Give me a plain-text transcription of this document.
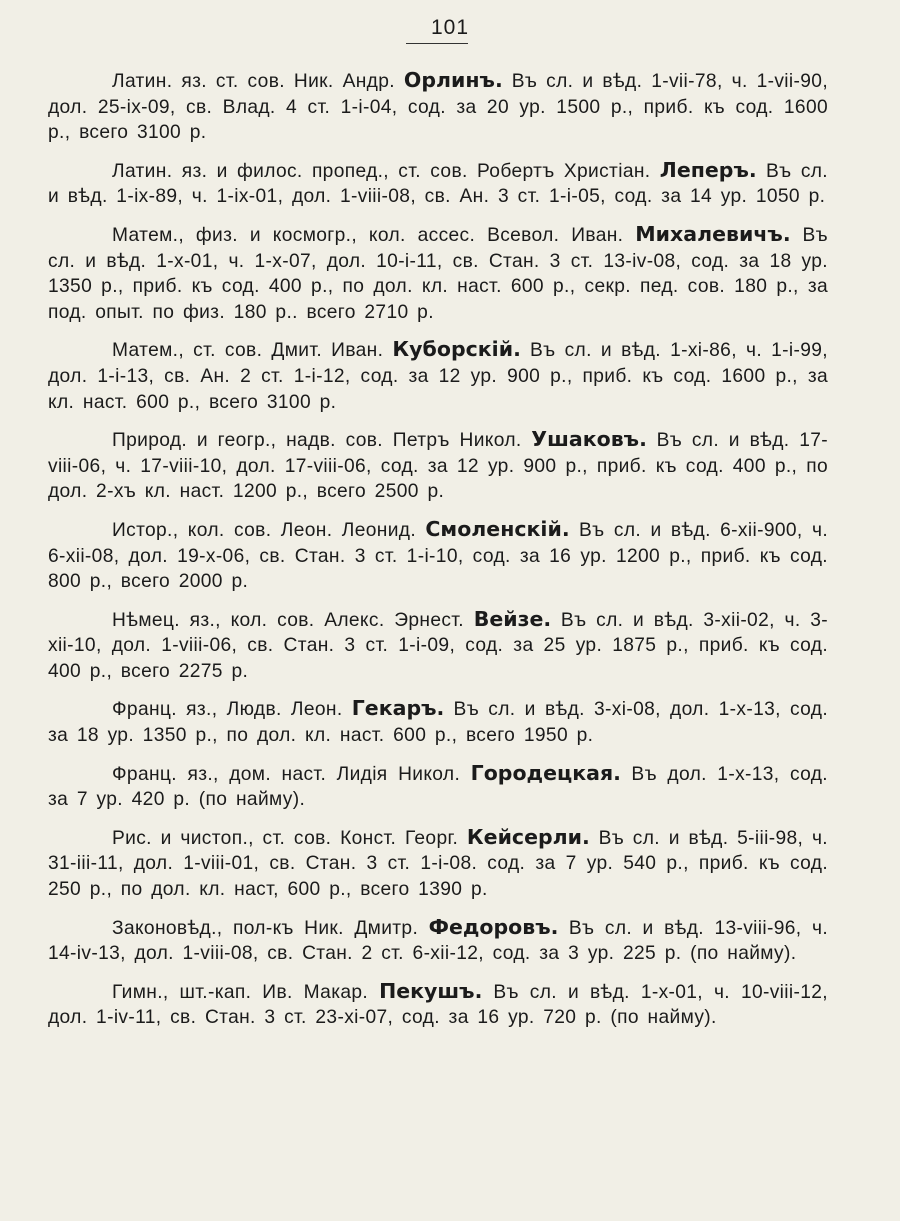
101

Латин. яз. ст. сов. Ник. Андр. Орлинъ. Въ сл. и вѣд. 1-vii-78, ч. 1-vii-90, дол. 25-ix-09, св. Влад. 4 ст. 1-i-04, сод. за 20 ур. 1500 р., приб. къ сод. 1600 р., всего 3100 р.

Латин. яз. и филос. пропед., ст. сов. Робертъ Христіан. Леперъ. Въ сл. и вѣд. 1-ix-89, ч. 1-ix-01, дол. 1-viii-08, св. Ан. 3 ст. 1-i-05, сод. за 14 ур. 1050 р.

Матем., физ. и космогр., кол. ассес. Всевол. Иван. Михалевичъ. Въ сл. и вѣд. 1-x-01, ч. 1-x-07, дол. 10-i-11, св. Стан. 3 ст. 13-iv-08, сод. за 18 ур. 1350 р., приб. къ сод. 400 р., по дол. кл. наст. 600 р., секр. пед. сов. 180 р., за под. опыт. по физ. 180 р.. всего 2710 р.

Матем., ст. сов. Дмит. Иван. Куборскій. Въ сл. и вѣд. 1-xi-86, ч. 1-i-99, дол. 1-i-13, св. Ан. 2 ст. 1-i-12, сод. за 12 ур. 900 р., приб. къ сод. 1600 р., за кл. наст. 600 р., всего 3100 р.

Природ. и геогр., надв. сов. Петръ Никол. Ушаковъ. Въ сл. и вѣд. 17-viii-06, ч. 17-viii-10, дол. 17-viii-06, сод. за 12 ур. 900 р., приб. къ сод. 400 р., по дол. 2-хъ кл. наст. 1200 р., всего 2500 р.

Истор., кол. сов. Леон. Леонид. Смоленскій. Въ сл. и вѣд. 6-xii-900, ч. 6-xii-08, дол. 19-x-06, св. Стан. 3 ст. 1-i-10, сод. за 16 ур. 1200 р., приб. къ сод. 800 р., всего 2000 р.

Нѣмец. яз., кол. сов. Алекс. Эрнест. Вейзе. Въ сл. и вѣд. 3-xii-02, ч. 3-xii-10, дол. 1-viii-06, св. Стан. 3 ст. 1-i-09, сод. за 25 ур. 1875 р., приб. къ сод. 400 р., всего 2275 р.

Франц. яз., Людв. Леон. Гекаръ. Въ сл. и вѣд. 3-xi-08, дол. 1-x-13, сод. за 18 ур. 1350 р., по дол. кл. наст. 600 р., всего 1950 р.

Франц. яз., дом. наст. Лидія Никол. Городецкая. Въ дол. 1-x-13, сод. за 7 ур. 420 р. (по найму).

Рис. и чистоп., ст. сов. Конст. Георг. Кейсерли. Въ сл. и вѣд. 5-iii-98, ч. 31-iii-11, дол. 1-viii-01, св. Стан. 3 ст. 1-i-08. сод. за 7 ур. 540 р., приб. къ сод. 250 р., по дол. кл. наст, 600 р., всего 1390 р.

Законовѣд., пол-къ Ник. Дмитр. Федоровъ. Въ сл. и вѣд. 13-viii-96, ч. 14-iv-13, дол. 1-viii-08, св. Стан. 2 ст. 6-xii-12, сод. за 3 ур. 225 р. (по найму).

Гимн., шт.-кап. Ив. Макар. Пекушъ. Въ сл. и вѣд. 1-x-01, ч. 10-viii-12, дол. 1-iv-11, св. Стан. 3 ст. 23-xi-07, сод. за 16 ур. 720 р. (по найму).
